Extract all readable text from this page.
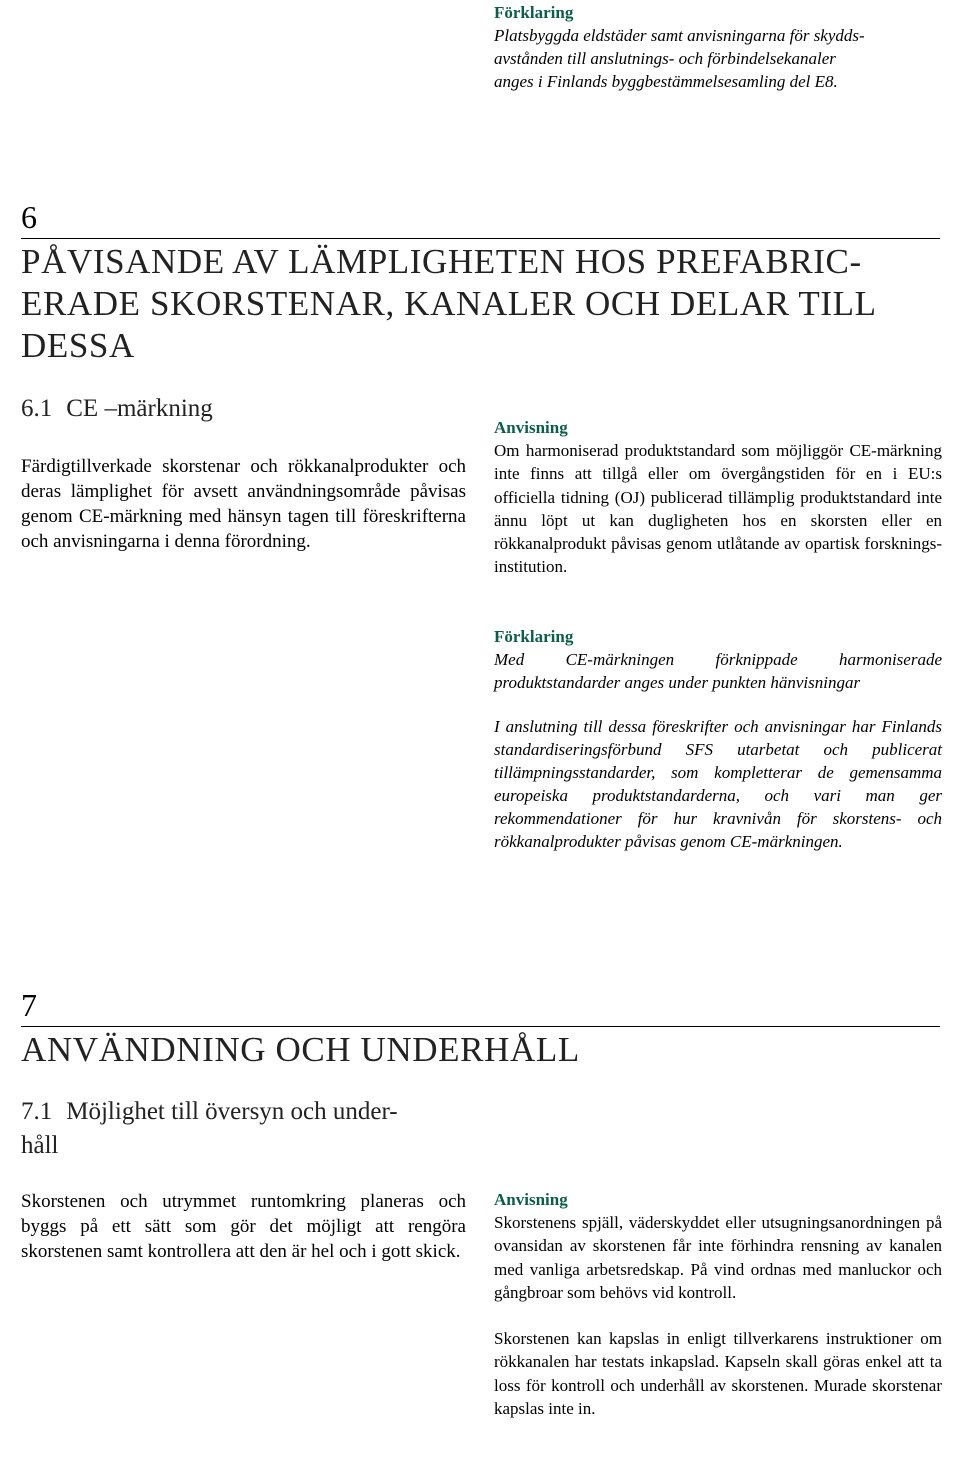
Förklaring
Platsbyggda eldstäder samt anvisningarna för skydds-
avstånden till anslutnings- och förbindelsekanaler
anges i Finlands byggbestämmelsesamling del E8.
6
PÅVISANDE AV LÄMPLIGHETEN HOS PREFABRIC-
ERADE SKORSTENAR, KANALER OCH DELAR TILL
DESSA
6.1 CE –märkning

Färdigtillverkade skorstenar och rökkanalprodukter och deras lämplighet för avsett användningsområde påvisas genom CE-märkning med hänsyn tagen till föreskrifterna och anvisningarna i denna förordning.

Anvisning

Om harmoniserad produktstandard som möjliggör CE-märkning inte finns att tillgå eller om övergångstiden för en i EU:s officiella tidning (OJ) publicerad tillämplig produktstandard inte ännu löpt ut kan dugligheten hos en skorsten eller en rökkanalprodukt påvisas genom utlåtande av opartisk forsknings-institution.

Förklaring

Med CE-märkningen förknippade harmoniserade produktstandarder anges under punkten hänvisningar

I anslutning till dessa föreskrifter och anvisningar har Finlands standardiseringsförbund SFS utarbetat och publicerat tillämpningsstandarder, som kompletterar de gemensamma europeiska produktstandarderna, och vari man ger rekommendationer för hur kravnivån för skorstens- och rökkanalprodukter påvisas genom CE-märkningen.

7
ANVÄNDNING OCH UNDERHÅLL
7.1 Möjlighet till översyn och under-
håll

Skorstenen och utrymmet runtomkring planeras och byggs på ett sätt som gör det möjligt att rengöra skorstenen samt kontrollera att den är hel och i gott skick.

Anvisning

Skorstenens spjäll, väderskyddet eller utsugningsanordningen på ovansidan av skorstenen får inte förhindra rensning av kanalen med vanliga arbetsredskap. På vind ordnas med manluckor och gångbroar som behövs vid kontroll.

Skorstenen kan kapslas in enligt tillverkarens instruktioner om rökkanalen har testats inkapslad. Kapseln skall göras enkel att ta loss för kontroll och underhåll av skorstenen. Murade skorstenar kapslas inte in.
